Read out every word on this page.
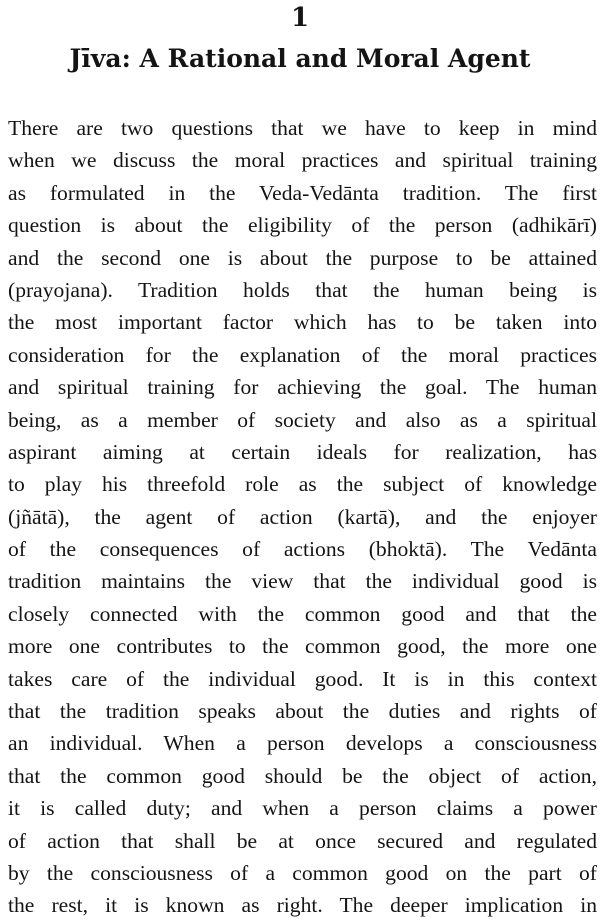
1
Jīva: A Rational and Moral Agent
There are two questions that we have to keep in mind
when we discuss the moral practices and spiritual training
as formulated in the Veda-Vedānta tradition. The first
question is about the eligibility of the person (adhikārī)
and the second one is about the purpose to be attained
(prayojana). Tradition holds that the human being is
the most important factor which has to be taken into
consideration for the explanation of the moral practices
and spiritual training for achieving the goal. The human
being, as a member of society and also as a spiritual
aspirant aiming at certain ideals for realization, has
to play his threefold role as the subject of knowledge
(jñātā), the agent of action (kartā), and the enjoyer
of the consequences of actions (bhoktā). The Vedānta
tradition maintains the view that the individual good is
closely connected with the common good and that the
more one contributes to the common good, the more one
takes care of the individual good. It is in this context
that the tradition speaks about the duties and rights of
an individual. When a person develops a consciousness
that the common good should be the object of action,
it is called duty; and when a person claims a power
of action that shall be at once secured and regulated
by the consciousness of a common good on the part of
the rest, it is known as right. The deeper implication in
